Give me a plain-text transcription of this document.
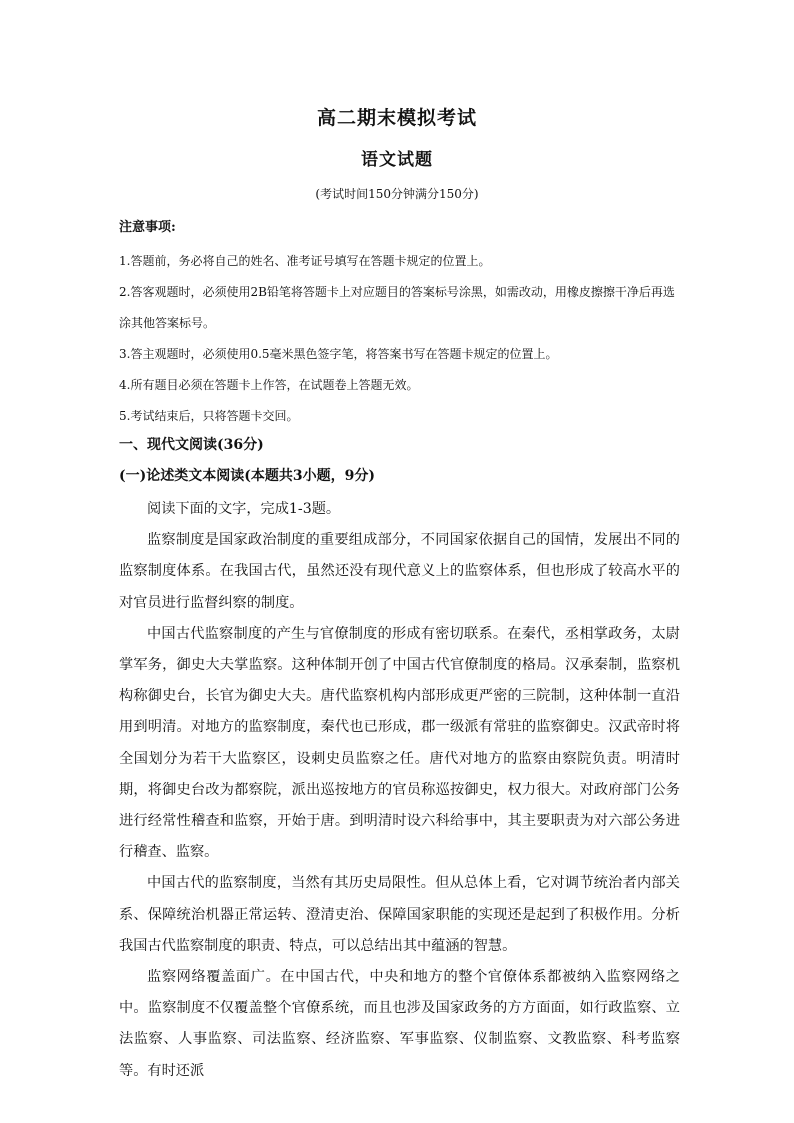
高二期末模拟考试
语文试题
(考试时间150分钟满分150分)
注意事项:
1.答题前，务必将自己的姓名、准考证号填写在答题卡规定的位置上。
2.答客观题时，必须使用2B铅笔将答题卡上对应题目的答案标号涂黑，如需改动，用橡皮擦擦干净后再选涂其他答案标号。
3.答主观题时，必须使用0.5毫米黑色签字笔，将答案书写在答题卡规定的位置上。
4.所有题目必须在答题卡上作答，在试题卷上答题无效。
5.考试结束后，只将答题卡交回。
一、现代文阅读(36分)
(一)论述类文本阅读(本题共3小题，9分)

阅读下面的文字，完成1-3题。

监察制度是国家政治制度的重要组成部分，不同国家依据自己的国情，发展出不同的监察制度体系。在我国古代，虽然还没有现代意义上的监察体系，但也形成了较高水平的对官员进行监督纠察的制度。

中国古代监察制度的产生与官僚制度的形成有密切联系。在秦代，丞相掌政务，太尉掌军务，御史大夫掌监察。这种体制开创了中国古代官僚制度的格局。汉承秦制，监察机构称御史台，长官为御史大夫。唐代监察机构内部形成更严密的三院制，这种体制一直沿用到明清。对地方的监察制度，秦代也已形成，郡一级派有常驻的监察御史。汉武帝时将全国划分为若干大监察区，设刺史员监察之任。唐代对地方的监察由察院负责。明清时期，将御史台改为都察院，派出巡按地方的官员称巡按御史，权力很大。对政府部门公务进行经常性稽查和监察，开始于唐。到明清时设六科给事中，其主要职责为对六部公务进行稽查、监察。

中国古代的监察制度，当然有其历史局限性。但从总体上看，它对调节统治者内部关系、保障统治机器正常运转、澄清吏治、保障国家职能的实现还是起到了积极作用。分析我国古代监察制度的职责、特点，可以总结出其中蕴涵的智慧。

监察网络覆盖面广。在中国古代，中央和地方的整个官僚体系都被纳入监察网络之中。监察制度不仅覆盖整个官僚系统，而且也涉及国家政务的方方面面，如行政监察、立法监察、人事监察、司法监察、经济监察、军事监察、仪制监察、文教监察、科考监察等。有时还派
